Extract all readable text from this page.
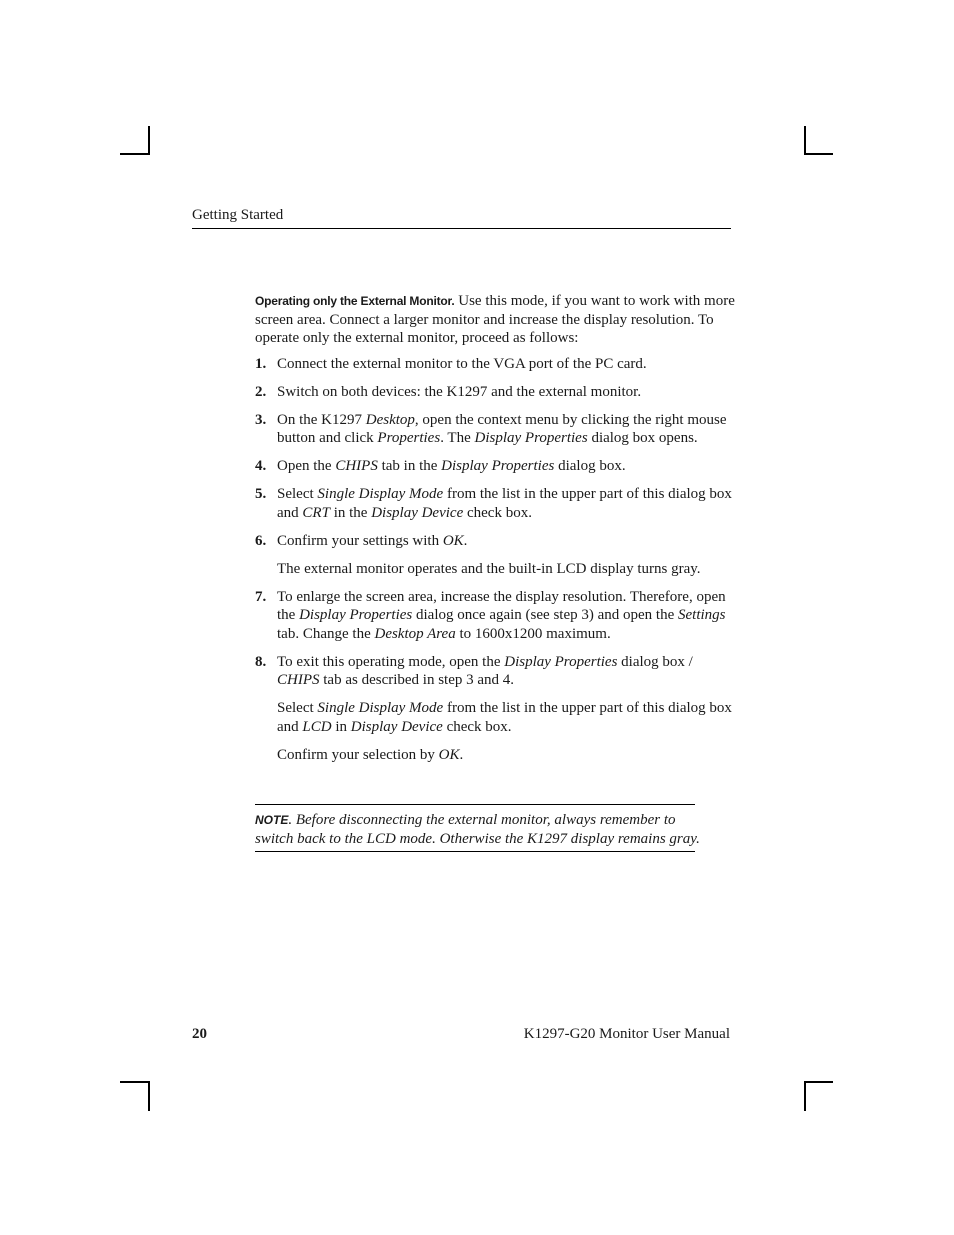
Getting Started

Operating only the External Monitor. Use this mode, if you want to work with more screen area. Connect a larger monitor and increase the display resolution. To operate only the external monitor, proceed as follows:

1. Connect the external monitor to the VGA port of the PC card.
2. Switch on both devices: the K1297 and the external monitor.
3. On the K1297 Desktop, open the context menu by clicking the right mouse button and click Properties. The Display Properties dialog box opens.
4. Open the CHIPS tab in the Display Properties dialog box.
5. Select Single Display Mode from the list in the upper part of this dialog box and CRT in the Display Device check box.
6. Confirm your settings with OK.
The external monitor operates and the built-in LCD display turns gray.
7. To enlarge the screen area, increase the display resolution. Therefore, open the Display Properties dialog once again (see step 3) and open the Settings tab. Change the Desktop Area to 1600x1200 maximum.
8. To exit this operating mode, open the Display Properties dialog box / CHIPS tab as described in step 3 and 4.
Select Single Display Mode from the list in the upper part of this dialog box and LCD in Display Device check box.
Confirm your selection by OK.
NOTE. Before disconnecting the external monitor, always remember to
switch back to the LCD mode. Otherwise the K1297 display remains gray.
20	K1297-G20 Monitor User Manual
